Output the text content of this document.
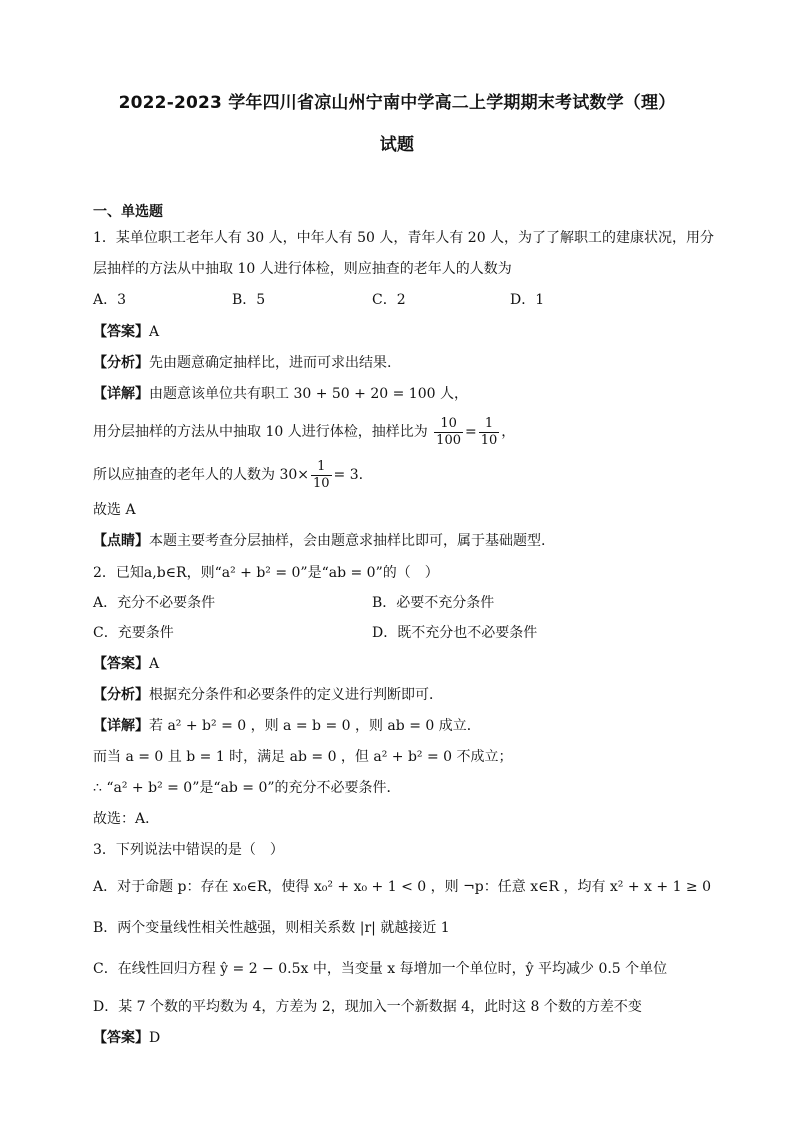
2022-2023 学年四川省凉山州宁南中学高二上学期期末考试数学（理）
试题
一、单选题
1．某单位职工老年人有 30 人，中年人有 50 人，青年人有 20 人，为了了解职工的建康状况，用分
层抽样的方法从中抽取 10 人进行体检，则应抽查的老年人的人数为
A．3	B．5	C．2	D．1
【答案】A
【分析】先由题意确定抽样比，进而可求出结果.
【详解】由题意该单位共有职工 30 + 50 + 20 = 100 人，
用分层抽样的方法从中抽取 10 人进行体检，抽样比为 $\frac{10}{100} = \frac{1}{10}$ ，
所以应抽查的老年人的人数为 $30\times \frac{1}{10} = 3$.
故选 A
【点睛】本题主要考查分层抽样，会由题意求抽样比即可，属于基础题型.
2．已知a,b∈R，则“a² + b² = 0”是“ab = 0”的（　）
A．充分不必要条件	B．必要不充分条件
C．充要条件	D．既不充分也不必要条件
【答案】A
【分析】根据充分条件和必要条件的定义进行判断即可．
【详解】若 a² + b² = 0 ，则 a = b = 0 ，则 ab = 0 成立．
而当 a = 0 且 b = 1 时，满足 ab = 0 ，但 a² + b² = 0 不成立；
∴ “a² + b² = 0”是“ab = 0”的充分不必要条件．
故选：A．
3．下列说法中错误的是（　）
A．对于命题 p：存在 x₀∈R，使得 x₀² + x₀ + 1 < 0 ，则 ¬p：任意 x∈R ，均有 x² + x + 1 ≥ 0
B．两个变量线性相关性越强，则相关系数 |r| 就越接近 1
C．在线性回归方程 ŷ = 2 − 0.5x 中，当变量 x 每增加一个单位时，ŷ 平均减少 0.5 个单位
D．某 7 个数的平均数为 4，方差为 2，现加入一个新数据 4，此时这 8 个数的方差不变
【答案】D
